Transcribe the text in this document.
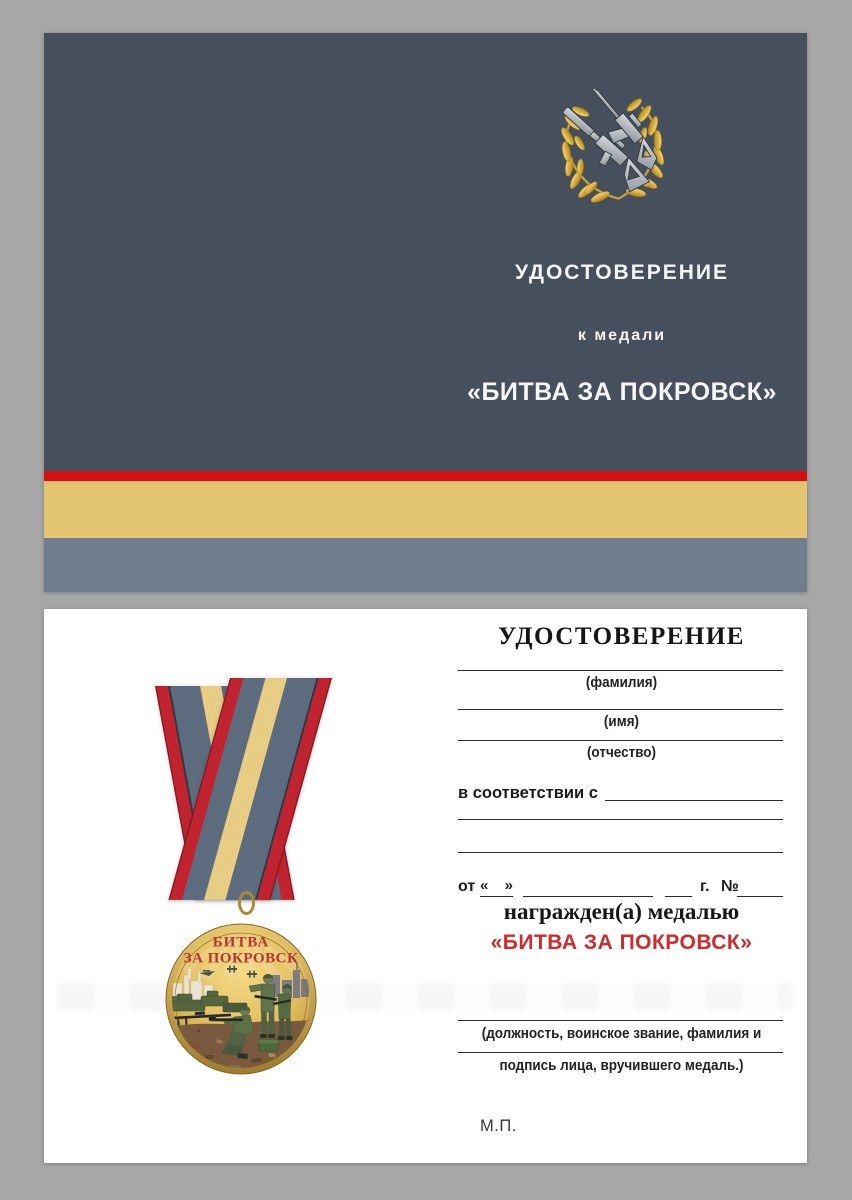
УДОСТОВЕРЕНИЕ
к медали
«БИТВА ЗА ПОКРОВСК»
БИТВА
ЗА ПОКРОВСК
УДОСТОВЕРЕНИЕ
(фамилия)
(имя)
(отчество)
в соответствии с
от « »	г. №
награжден(а) медалью
«БИТВА ЗА ПОКРОВСК»
(должность, воинское звание, фамилия и
подпись лица, вручившего медаль.)
М.П.
